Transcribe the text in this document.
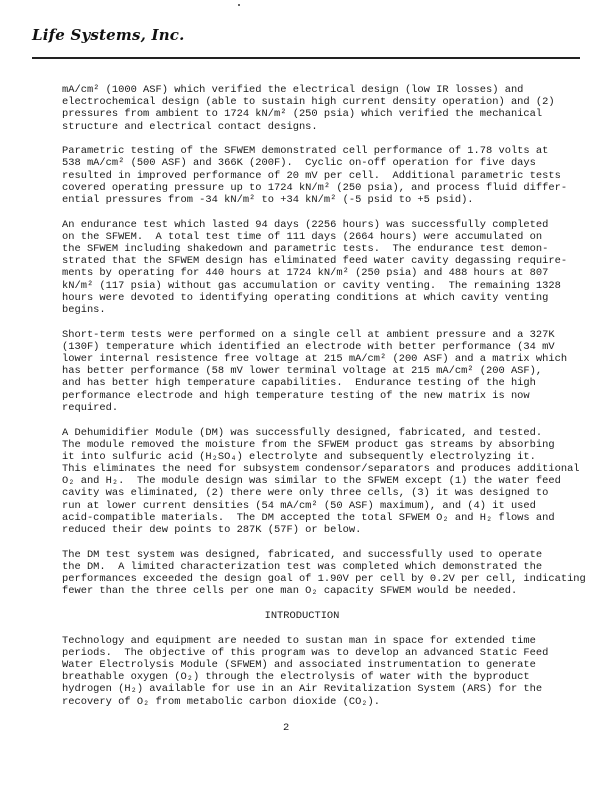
Life Systems, Inc.
mA/cm² (1000 ASF) which verified the electrical design (low IR losses) and
electrochemical design (able to sustain high current density operation) and (2)
pressures from ambient to 1724 kN/m² (250 psia) which verified the mechanical
structure and electrical contact designs.
Parametric testing of the SFWEM demonstrated cell performance of 1.78 volts at
538 mA/cm² (500 ASF) and 366K (200F).  Cyclic on-off operation for five days
resulted in improved performance of 20 mV per cell.  Additional parametric tests
covered operating pressure up to 1724 kN/m² (250 psia), and process fluid differ-
ential pressures from -34 kN/m² to +34 kN/m² (-5 psid to +5 psid).
An endurance test which lasted 94 days (2256 hours) was successfully completed
on the SFWEM.  A total test time of 111 days (2664 hours) were accumulated on
the SFWEM including shakedown and parametric tests.  The endurance test demon-
strated that the SFWEM design has eliminated feed water cavity degassing require-
ments by operating for 440 hours at 1724 kN/m² (250 psia) and 488 hours at 807
kN/m² (117 psia) without gas accumulation or cavity venting.  The remaining 1328
hours were devoted to identifying operating conditions at which cavity venting
begins.
Short-term tests were performed on a single cell at ambient pressure and a 327K
(130F) temperature which identified an electrode with better performance (34 mV
lower internal resistence free voltage at 215 mA/cm² (200 ASF) and a matrix which
has better performance (58 mV lower terminal voltage at 215 mA/cm² (200 ASF),
and has better high temperature capabilities.  Endurance testing of the high
performance electrode and high temperature testing of the new matrix is now
required.
A Dehumidifier Module (DM) was successfully designed, fabricated, and tested.
The module removed the moisture from the SFWEM product gas streams by absorbing
it into sulfuric acid (H₂SO₄) electrolyte and subsequently electrolyzing it.
This eliminates the need for subsystem condensor/separators and produces additional
O₂ and H₂.  The module design was similar to the SFWEM except (1) the water feed
cavity was eliminated, (2) there were only three cells, (3) it was designed to
run at lower current densities (54 mA/cm² (50 ASF) maximum), and (4) it used
acid-compatible materials.  The DM accepted the total SFWEM O₂ and H₂ flows and
reduced their dew points to 287K (57F) or below.
The DM test system was designed, fabricated, and successfully used to operate
the DM.  A limited characterization test was completed which demonstrated the
performances exceeded the design goal of 1.90V per cell by 0.2V per cell, indicating
fewer than the three cells per one man O₂ capacity SFWEM would be needed.
INTRODUCTION
Technology and equipment are needed to sustan man in space for extended time
periods.  The objective of this program was to develop an advanced Static Feed
Water Electrolysis Module (SFWEM) and associated instrumentation to generate
breathable oxygen (O₂) through the electrolysis of water with the byproduct
hydrogen (H₂) available for use in an Air Revitalization System (ARS) for the
recovery of O₂ from metabolic carbon dioxide (CO₂).
2
